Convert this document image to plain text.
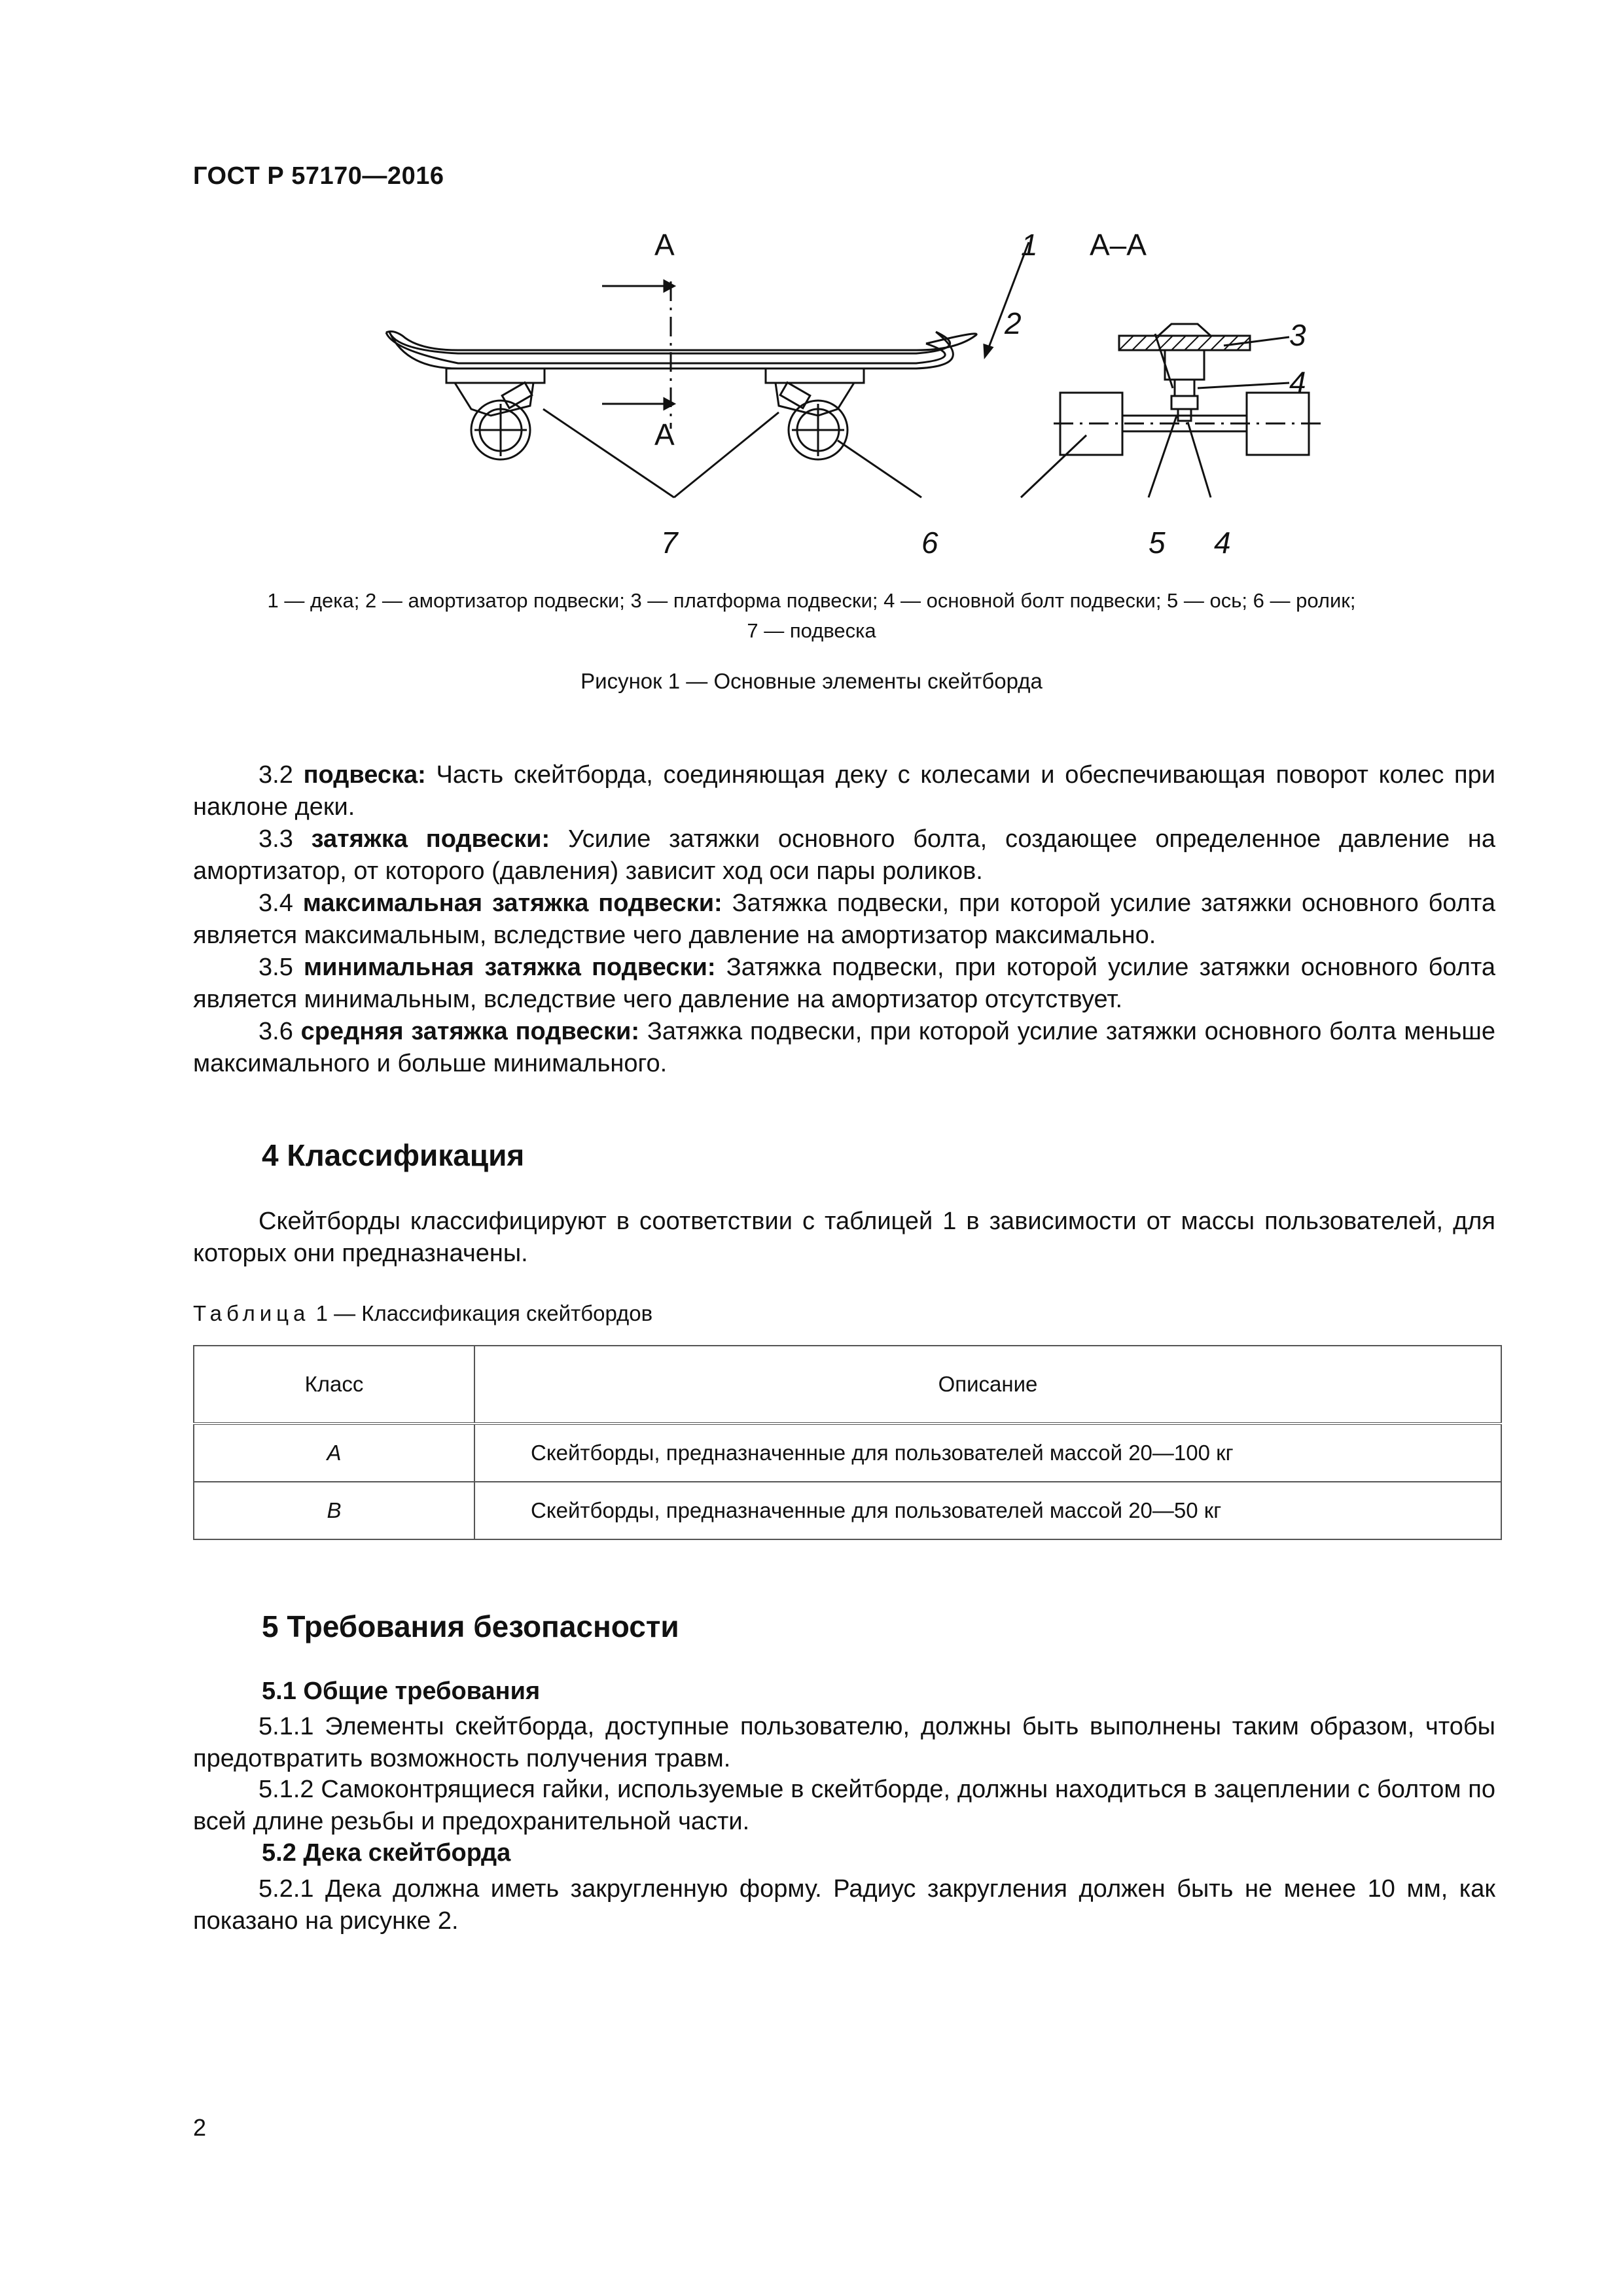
ГОСТ Р 57170—2016
А
А
А–А
1
2	3
4
4
5
6
7
1 — дека; 2 — амортизатор подвески; 3 — платформа подвески; 4 — основной болт подвески; 5 — ось; 6 — ролик;
7 — подвеска
Рисунок 1 — Основные элементы скейтборда
3.2 подвеска: Часть скейтборда, соединяющая деку с колесами и обеспечивающая поворот колес при наклоне деки.
3.3 затяжка подвески: Усилие затяжки основного болта, создающее определенное давление на амортизатор, от которого (давления) зависит ход оси пары роликов.
3.4 максимальная затяжка подвески: Затяжка подвески, при которой усилие затяжки основного болта является максимальным, вследствие чего давление на амортизатор максимально.
3.5 минимальная затяжка подвески: Затяжка подвески, при которой усилие затяжки основного болта является минимальным, вследствие чего давление на амортизатор отсутствует.
3.6 средняя затяжка подвески: Затяжка подвески, при которой усилие затяжки основного болта меньше максимального и больше минимального.
4 Классификация
Скейтборды классифицируют в соответствии с таблицей 1 в зависимости от массы пользователей, для которых они предназначены.
Таблица 1 — Классификация скейтбордов
Класс	Описание
А	Скейтборды, предназначенные для пользователей массой 20—100 кг
В	Скейтборды, предназначенные для пользователей массой 20—50 кг
5 Требования безопасности
5.1 Общие требования
5.1.1 Элементы скейтборда, доступные пользователю, должны быть выполнены таким образом, чтобы предотвратить возможность получения травм.
5.1.2 Самоконтрящиеся гайки, используемые в скейтборде, должны находиться в зацеплении с болтом по всей длине резьбы и предохранительной части.
5.2 Дека скейтборда
5.2.1 Дека должна иметь закругленную форму. Радиус закругления должен быть не менее 10 мм, как показано на рисунке 2.
2
